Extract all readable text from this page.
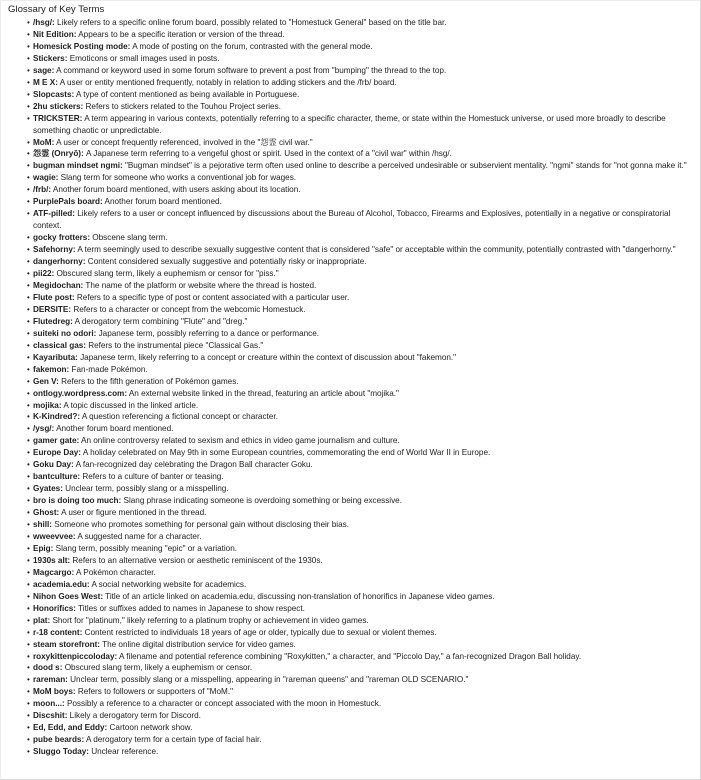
Glossary of Key Terms
• /hsg/: Likely refers to a specific online forum board, possibly related to "Homestuck General" based on the title bar.
• Nit Edition: Appears to be a specific iteration or version of the thread.
• Homesick Posting mode: A mode of posting on the forum, contrasted with the general mode.
• Stickers: Emoticons or small images used in posts.
• sage: A command or keyword used in some forum software to prevent a post from "bumping" the thread to the top.
• M E X: A user or entity mentioned frequently, notably in relation to adding stickers and the /frb/ board.
• Slopcasts: A type of content mentioned as being available in Portuguese.
• 2hu stickers: Refers to stickers related to the Touhou Project series.
• TRICKSTER: A term appearing in various contexts, potentially referring to a specific character, theme, or state within the Homestuck universe, or used more broadly to describe something chaotic or unpredictable.
• MoM: A user or concept frequently referenced, involved in the "怨霊 civil war."
• 怨霊 (Onryō): A Japanese term referring to a vengeful ghost or spirit. Used in the context of a "civil war" within /hsg/.
• bugman mindset ngmi: "Bugman mindset" is a pejorative term often used online to describe a perceived undesirable or subservient mentality. "ngmi" stands for "not gonna make it."
• wagie: Slang term for someone who works a conventional job for wages.
• /frb/: Another forum board mentioned, with users asking about its location.
• PurplePals board: Another forum board mentioned.
• ATF-pilled: Likely refers to a user or concept influenced by discussions about the Bureau of Alcohol, Tobacco, Firearms and Explosives, potentially in a negative or conspiratorial context.
• gocky frotters: Obscene slang term.
• Safehorny: A term seemingly used to describe sexually suggestive content that is considered "safe" or acceptable within the community, potentially contrasted with "dangerhorny."
• dangerhorny: Content considered sexually suggestive and potentially risky or inappropriate.
• pii22: Obscured slang term, likely a euphemism or censor for "piss."
• Megidochan: The name of the platform or website where the thread is hosted.
• Flute post: Refers to a specific type of post or content associated with a particular user.
• DERSITE: Refers to a character or concept from the webcomic Homestuck.
• Flutedreg: A derogatory term combining "Flute" and "dreg."
• suiteki no odori: Japanese term, possibly referring to a dance or performance.
• classical gas: Refers to the instrumental piece "Classical Gas."
• Kayaributa: Japanese term, likely referring to a concept or creature within the context of discussion about "fakemon."
• fakemon: Fan-made Pokémon.
• Gen V: Refers to the fifth generation of Pokémon games.
• ontlogy.wordpress.com: An external website linked in the thread, featuring an article about "mojika."
• mojika: A topic discussed in the linked article.
• K-Kindred?: A question referencing a fictional concept or character.
• /ysg/: Another forum board mentioned.
• gamer gate: An online controversy related to sexism and ethics in video game journalism and culture.
• Europe Day: A holiday celebrated on May 9th in some European countries, commemorating the end of World War II in Europe.
• Goku Day: A fan-recognized day celebrating the Dragon Ball character Goku.
• bantculture: Refers to a culture of banter or teasing.
• Gyates: Unclear term, possibly slang or a misspelling.
• bro is doing too much: Slang phrase indicating someone is overdoing something or being excessive.
• Ghost: A user or figure mentioned in the thread.
• shill: Someone who promotes something for personal gain without disclosing their bias.
• wweevvee: A suggested name for a character.
• Epig: Slang term, possibly meaning "epic" or a variation.
• 1930s alt: Refers to an alternative version or aesthetic reminiscent of the 1930s.
• Magcargo: A Pokémon character.
• academia.edu: A social networking website for academics.
• Nihon Goes West: Title of an article linked on academia.edu, discussing non-translation of honorifics in Japanese video games.
• Honorifics: Titles or suffixes added to names in Japanese to show respect.
• plat: Short for "platinum," likely referring to a platinum trophy or achievement in video games.
• r-18 content: Content restricted to individuals 18 years of age or older, typically due to sexual or violent themes.
• steam storefront: The online digital distribution service for video games.
• roxykittenpiccoloday: A filename and potential reference combining "Roxykitten," a character, and "Piccolo Day," a fan-recognized Dragon Ball holiday.
• dood s: Obscured slang term, likely a euphemism or censor.
• rareman: Unclear term, possibly slang or a misspelling, appearing in "rareman queens" and "rareman OLD SCENARIO."
• MoM boys: Refers to followers or supporters of "MoM."
• moon...: Possibly a reference to a character or concept associated with the moon in Homestuck.
• Discshit: Likely a derogatory term for Discord.
• Ed, Edd, and Eddy: Cartoon network show.
• pube beards: A derogatory term for a certain type of facial hair.
• Sluggo Today: Unclear reference.
